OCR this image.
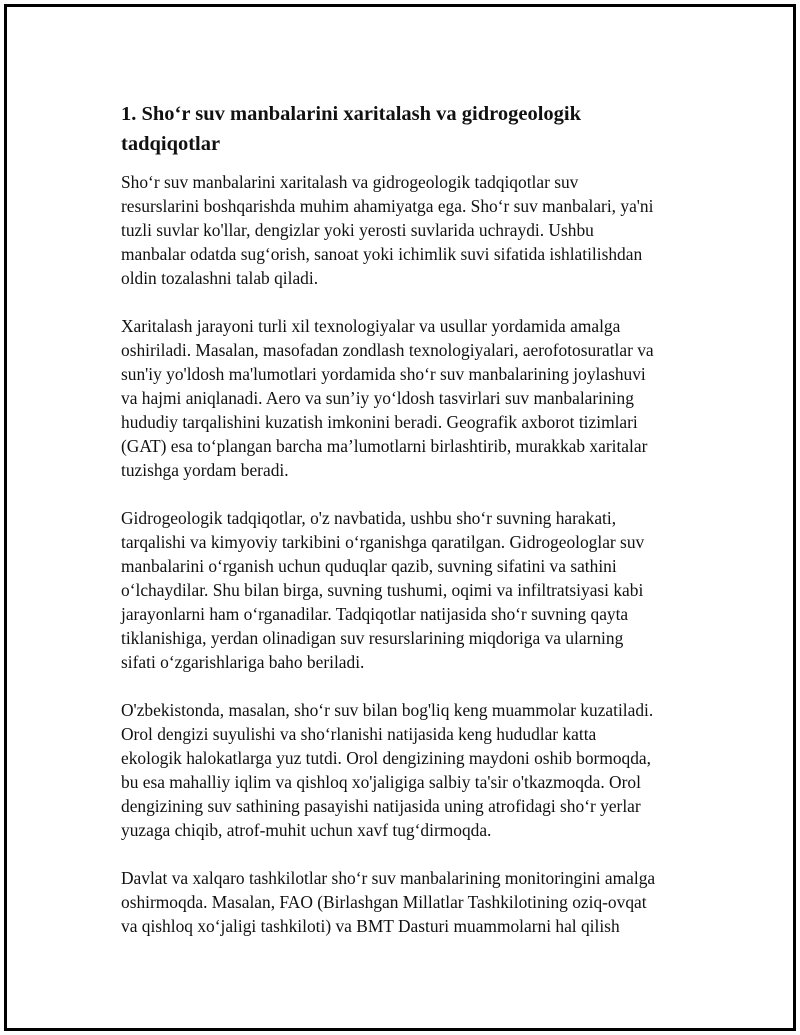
1. Sho‘r suv manbalarini xaritalash va gidrogeologik
tadqiqotlar

Sho‘r suv manbalarini xaritalash va gidrogeologik tadqiqotlar suv
resurslarini boshqarishda muhim ahamiyatga ega. Sho‘r suv manbalari, ya'ni
tuzli suvlar ko'llar, dengizlar yoki yerosti suvlarida uchraydi. Ushbu
manbalar odatda sug‘orish, sanoat yoki ichimlik suvi sifatida ishlatilishdan
oldin tozalashni talab qiladi.

Xaritalash jarayoni turli xil texnologiyalar va usullar yordamida amalga
oshiriladi. Masalan, masofadan zondlash texnologiyalari, aerofotosuratlar va
sun'iy yo'ldosh ma'lumotlari yordamida sho‘r suv manbalarining joylashuvi
va hajmi aniqlanadi. Aero va sun’iy yo‘ldosh tasvirlari suv manbalarining
hududiy tarqalishini kuzatish imkonini beradi. Geografik axborot tizimlari
(GAT) esa to‘plangan barcha ma’lumotlarni birlashtirib, murakkab xaritalar
tuzishga yordam beradi.

Gidrogeologik tadqiqotlar, o'z navbatida, ushbu sho‘r suvning harakati,
tarqalishi va kimyoviy tarkibini o‘rganishga qaratilgan. Gidrogeologlar suv
manbalarini o‘rganish uchun quduqlar qazib, suvning sifatini va sathini
o‘lchaydilar. Shu bilan birga, suvning tushumi, oqimi va infiltratsiyasi kabi
jarayonlarni ham o‘rganadilar. Tadqiqotlar natijasida sho‘r suvning qayta
tiklanishiga, yerdan olinadigan suv resurslarining miqdoriga va ularning
sifati o‘zgarishlariga baho beriladi.

O'zbekistonda, masalan, sho‘r suv bilan bog'liq keng muammolar kuzatiladi.
Orol dengizi suyulishi va sho‘rlanishi natijasida keng hududlar katta
ekologik halokatlarga yuz tutdi. Orol dengizining maydoni oshib bormoqda,
bu esa mahalliy iqlim va qishloq xo'jaligiga salbiy ta'sir o'tkazmoqda. Orol
dengizining suv sathining pasayishi natijasida uning atrofidagi sho‘r yerlar
yuzaga chiqib, atrof-muhit uchun xavf tug‘dirmoqda.

Davlat va xalqaro tashkilotlar sho‘r suv manbalarining monitoringini amalga
oshirmoqda. Masalan, FAO (Birlashgan Millatlar Tashkilotining oziq-ovqat
va qishloq xo‘jaligi tashkiloti) va BMT Dasturi muammolarni hal qilish
